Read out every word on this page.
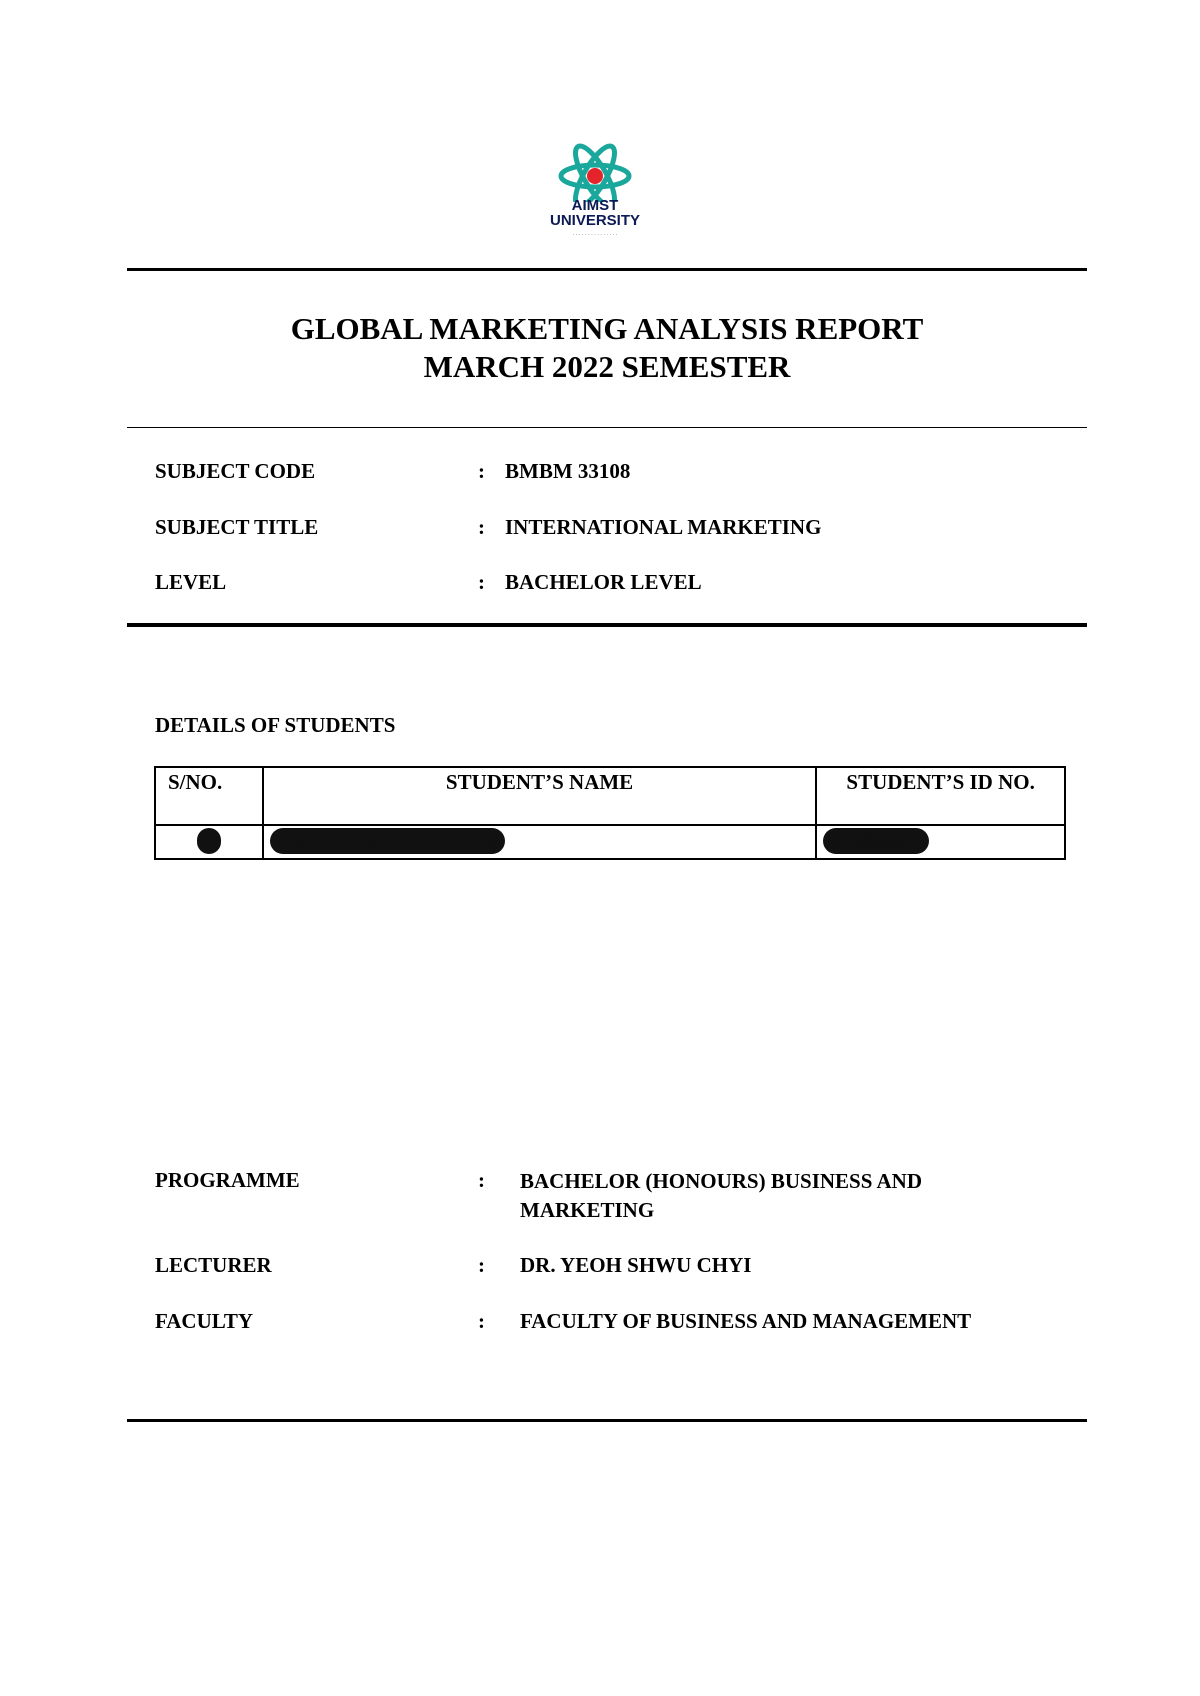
AIMST
UNIVERSITY
· · · · · · · · · · · · · · ·
GLOBAL MARKETING ANALYSIS REPORT
MARCH 2022 SEMESTER
SUBJECT CODE	: BMBM 33108
SUBJECT TITLE	: INTERNATIONAL MARKETING
LEVEL	: BACHELOR LEVEL
DETAILS OF STUDENTS
S/NO.	STUDENT’S NAME	STUDENT’S ID NO.
1.	NURUL YATI BT IDRIS	B19030024
PROGRAMME	: BACHELOR (HONOURS) BUSINESS AND MARKETING
LECTURER	: DR. YEOH SHWU CHYI
FACULTY	: FACULTY OF BUSINESS AND MANAGEMENT
